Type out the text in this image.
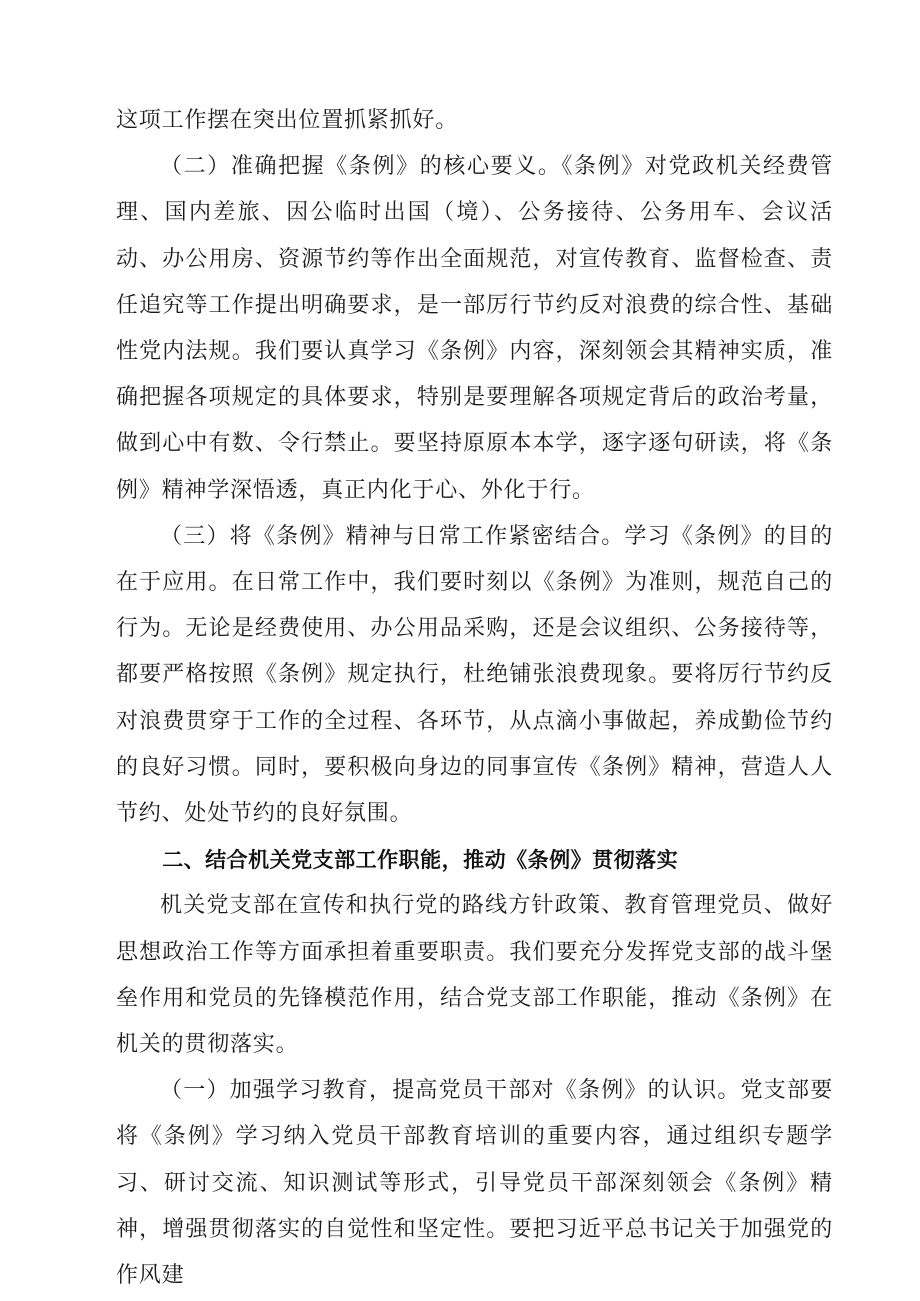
这项工作摆在突出位置抓紧抓好。

（二）准确把握《条例》的核心要义。《条例》对党政机关经费管理、国内差旅、因公临时出国（境）、公务接待、公务用车、会议活动、办公用房、资源节约等作出全面规范，对宣传教育、监督检查、责任追究等工作提出明确要求，是一部厉行节约反对浪费的综合性、基础性党内法规。我们要认真学习《条例》内容，深刻领会其精神实质，准确把握各项规定的具体要求，特别是要理解各项规定背后的政治考量，做到心中有数、令行禁止。要坚持原原本本学，逐字逐句研读，将《条例》精神学深悟透，真正内化于心、外化于行。

（三）将《条例》精神与日常工作紧密结合。学习《条例》的目的在于应用。在日常工作中，我们要时刻以《条例》为准则，规范自己的行为。无论是经费使用、办公用品采购，还是会议组织、公务接待等，都要严格按照《条例》规定执行，杜绝铺张浪费现象。要将厉行节约反对浪费贯穿于工作的全过程、各环节，从点滴小事做起，养成勤俭节约的良好习惯。同时，要积极向身边的同事宣传《条例》精神，营造人人节约、处处节约的良好氛围。

二、结合机关党支部工作职能，推动《条例》贯彻落实

机关党支部在宣传和执行党的路线方针政策、教育管理党员、做好思想政治工作等方面承担着重要职责。我们要充分发挥党支部的战斗堡垒作用和党员的先锋模范作用，结合党支部工作职能，推动《条例》在机关的贯彻落实。

（一）加强学习教育，提高党员干部对《条例》的认识。党支部要将《条例》学习纳入党员干部教育培训的重要内容，通过组织专题学习、研讨交流、知识测试等形式，引导党员干部深刻领会《条例》精神，增强贯彻落实的自觉性和坚定性。要把习近平总书记关于加强党的作风建
